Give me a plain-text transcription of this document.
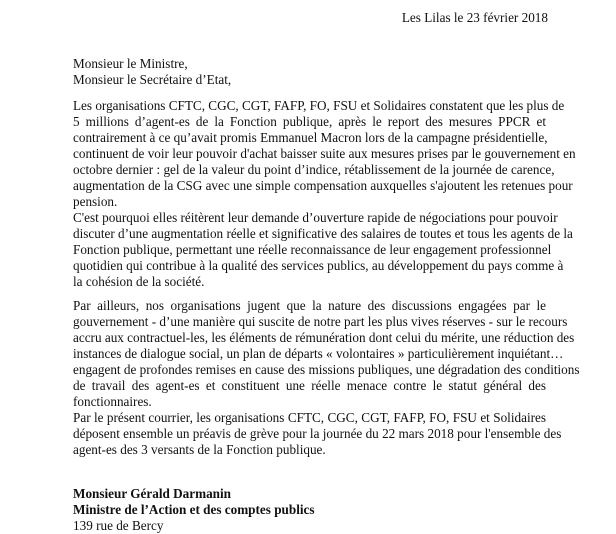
Les Lilas le 23 février 2018
Monsieur le Ministre,
Monsieur le Secrétaire d’Etat,
Les organisations CFTC, CGC, CGT, FAFP, FO, FSU et Solidaires constatent que les plus de
5 millions d’agent-es de la Fonction publique, après le report des mesures PPCR et
contrairement à ce qu’avait promis Emmanuel Macron lors de la campagne présidentielle,
continuent de voir leur pouvoir d'achat baisser suite aux mesures prises par le gouvernement en
octobre dernier : gel de la valeur du point d’indice, rétablissement de la journée de carence,
augmentation de la CSG avec une simple compensation auxquelles s'ajoutent les retenues pour
pension.
C'est pourquoi elles réitèrent leur demande d’ouverture rapide de négociations pour pouvoir
discuter d’une augmentation réelle et significative des salaires de toutes et tous les agents de la
Fonction publique, permettant une réelle reconnaissance de leur engagement professionnel
quotidien qui contribue à la qualité des services publics, au développement du pays comme à
la cohésion de la société.
Par ailleurs, nos organisations jugent que la nature des discussions engagées par le
gouvernement - d’une manière qui suscite de notre part les plus vives réserves - sur le recours
accru aux contractuel-les, les éléments de rémunération dont celui du mérite, une réduction des
instances de dialogue social, un plan de départs « volontaires » particulièrement inquiétant…
engagent de profondes remises en cause des missions publiques, une dégradation des conditions
de travail des agent-es et constituent une réelle menace contre le statut général des
fonctionnaires.
Par le présent courrier, les organisations CFTC, CGC, CGT, FAFP, FO, FSU et Solidaires
déposent ensemble un préavis de grève pour la journée du 22 mars 2018 pour l'ensemble des
agent-es des 3 versants de la Fonction publique.
Monsieur Gérald Darmanin
Ministre de l’Action et des comptes publics
139 rue de Bercy
